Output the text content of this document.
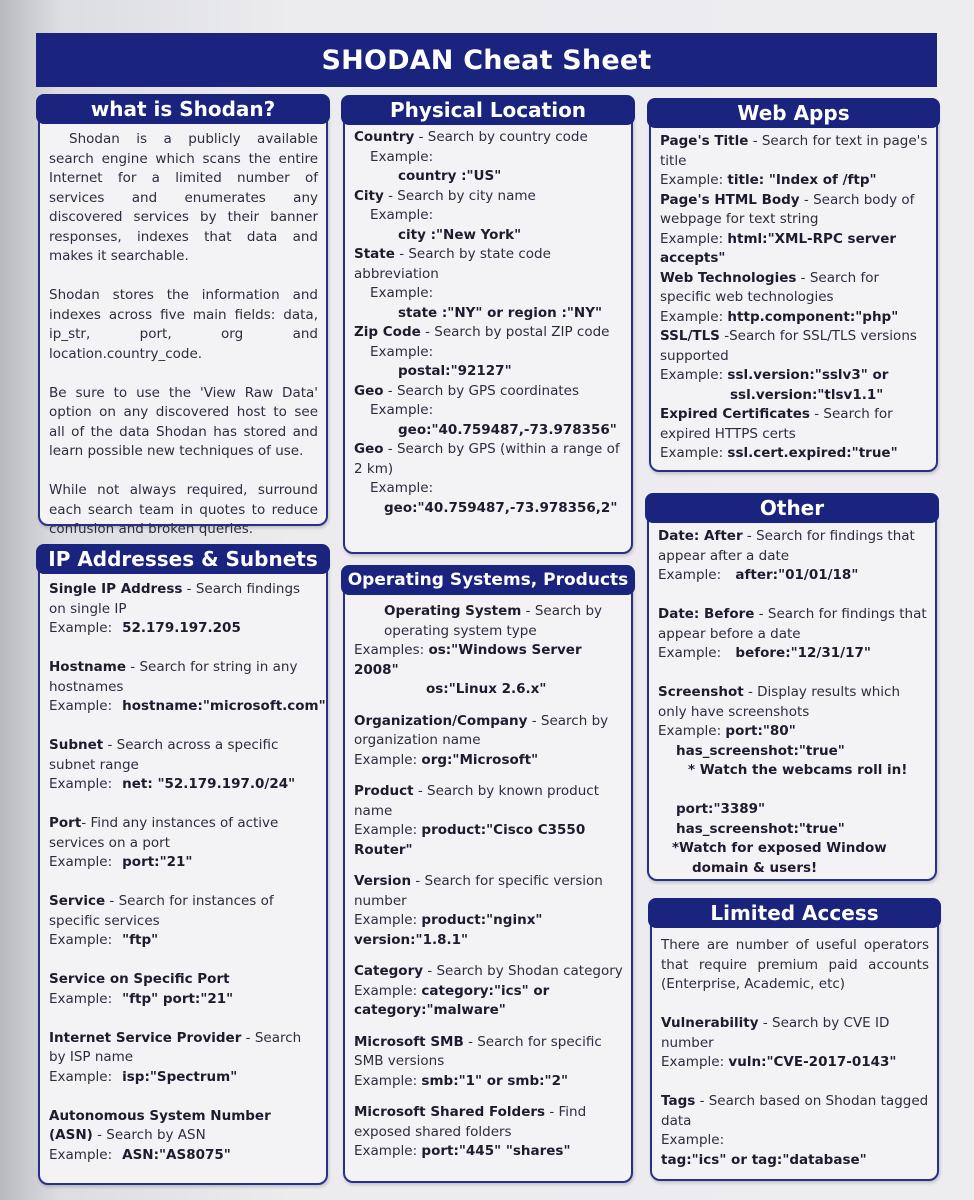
SHODAN Cheat Sheet
what is Shodan?
Shodan is a publicly available search engine which scans the entire Internet for a limited number of services and enumerates any discovered services by their banner responses, indexes that data and makes it searchable.
Shodan stores the information and indexes across five main fields: data, ip_str, port, org and location.country_code.
Be sure to use the 'View Raw Data' option on any discovered host to see all of the data Shodan has stored and learn possible new techniques of use.
While not always required, surround each search team in quotes to reduce confusion and broken queries.
IP Addresses & Subnets
Single IP Address - Search findings on single IP
Example: 52.179.197.205
Hostname - Search for string in any hostnames
Example: hostname:"microsoft.com"
Subnet - Search across a specific subnet range
Example: net: "52.179.197.0/24"
Port- Find any instances of active services on a port
Example: port:"21"
Service - Search for instances of specific services
Example: "ftp"
Service on Specific Port
Example: "ftp" port:"21"
Internet Service Provider - Search by ISP name
Example: isp:"Spectrum"
Autonomous System Number (ASN) - Search by ASN
Example: ASN:"AS8075"
Physical Location
Country - Search by country code
Example:
country :"US"
City - Search by city name
Example:
city :"New York"
State - Search by state code abbreviation
Example:
state :"NY" or region :"NY"
Zip Code - Search by postal ZIP code
Example:
postal:"92127"
Geo - Search by GPS coordinates
Example:
geo:"40.759487,-73.978356"
Geo - Search by GPS (within a range of 2 km)
Example:
geo:"40.759487,-73.978356,2"
Operating Systems, Products
Operating System - Search by operating system type
Examples: os:"Windows Server 2008"
os:"Linux 2.6.x"
Organization/Company - Search by organization name
Example: org:"Microsoft"
Product - Search by known product name
Example: product:"Cisco C3550
Router"
Version - Search for specific version number
Example: product:"nginx"
version:"1.8.1"
Category - Search by Shodan category
Example: category:"ics" or
category:"malware"
Microsoft SMB - Search for specific SMB versions
Example: smb:"1" or smb:"2"
Microsoft Shared Folders - Find exposed shared folders
Example: port:"445" "shares"
Web Apps
Page's Title - Search for text in page's title
Example: title: "Index of /ftp"
Page's HTML Body - Search body of webpage for text string
Example: html:"XML-RPC server accepts"
Web Technologies - Search for specific web technologies
Example: http.component:"php"
SSL/TLS -Search for SSL/TLS versions supported
Example: ssl.version:"sslv3" or
ssl.version:"tlsv1.1"
Expired Certificates - Search for expired HTTPS certs
Example: ssl.cert.expired:"true"
Other
Date: After - Search for findings that appear after a date
Example: after:"01/01/18"
Date: Before - Search for findings that appear before a date
Example: before:"12/31/17"
Screenshot - Display results which only have screenshots
Example: port:"80"
has_screenshot:"true"
* Watch the webcams roll in!
port:"3389"
has_screenshot:"true"
*Watch for exposed Window
domain & users!
Limited Access
There are number of useful operators that require premium paid accounts (Enterprise, Academic, etc)
Vulnerability - Search by CVE ID number
Example: vuln:"CVE-2017-0143"
Tags - Search based on Shodan tagged data
Example:
tag:"ics" or tag:"database"
